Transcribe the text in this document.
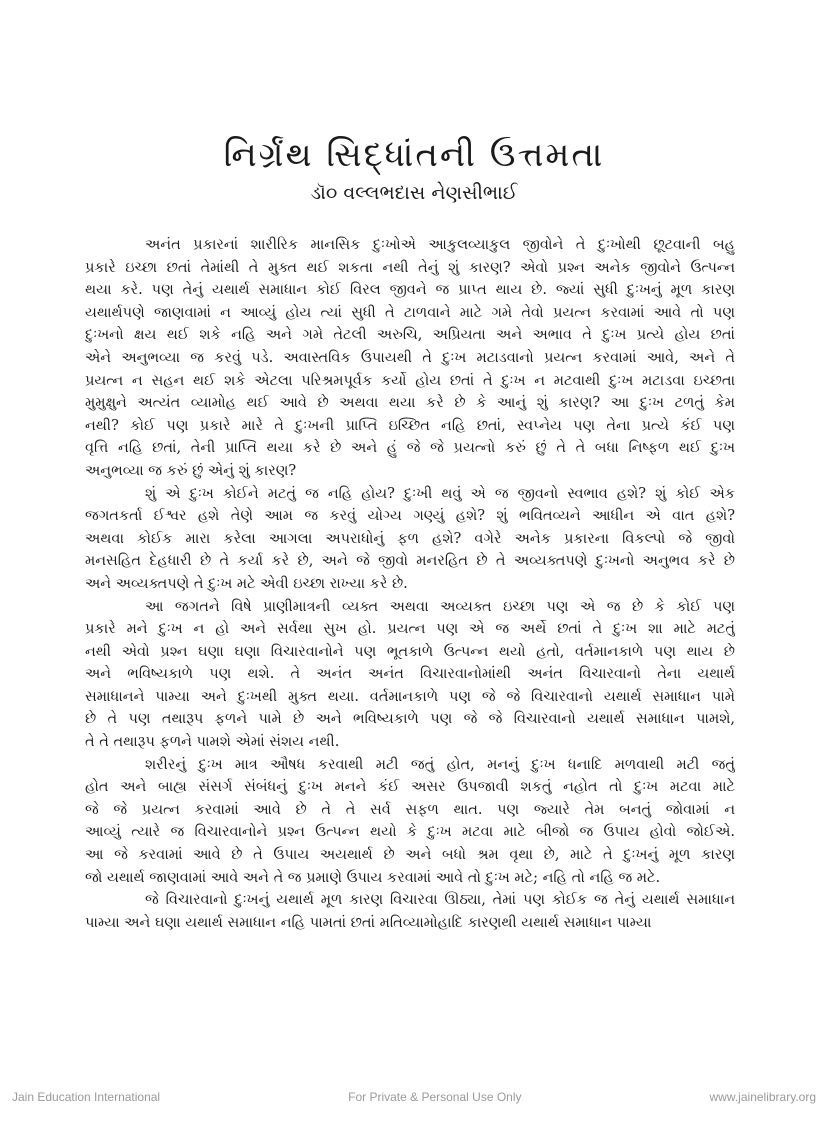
નિર્ગ્રંથ સિદ્ધાંતની ઉત્તમતા
ડૉ૦ વલ્લભદાસ નેણસીભાઈ
અનંત પ્રકારનાં શારીરિક માનસિક દુઃખોએ આકુલવ્યાકુલ જીવોને તે દુઃખોથી છૂટવાની બહુ
પ્રકારે ઇચ્છા છતાં તેમાંથી તે મુક્ત થઈ શકતા નથી તેનું શું કારણ? એવો પ્રશ્ન અનેક જીવોને ઉત્પન્ન
થયા કરે. પણ તેનું યથાર્થ સમાધાન કોઈ વિરલ જીવને જ પ્રાપ્ત થાય છે. જ્યાં સુધી દુઃખનું મૂળ કારણ
યથાર્થપણે જાણવામાં ન આવ્યું હોય ત્યાં સુધી તે ટાળવાને માટે ગમે તેવો પ્રયત્ન કરવામાં આવે તો પણ
દુઃખનો ક્ષય થઈ શકે નહિ અને ગમે તેટલી અરુચિ, અપ્રિયતા અને અભાવ તે દુઃખ પ્રત્યે હોય છતાં
એને અનુભવ્યા જ કરવું પડે. અવાસ્તવિક ઉપાયથી તે દુઃખ મટાડવાનો પ્રયત્ન કરવામાં આવે, અને તે
પ્રયત્ન ન સહન થઈ શકે એટલા પરિશ્રમપૂર્વક કર્યો હોય છતાં તે દુઃખ ન મટવાથી દુઃખ મટાડવા ઇચ્છતા
મુમુક્ષુને અત્યંત વ્યામોહ થઈ આવે છે અથવા થયા કરે છે કે આનું શું કારણ? આ દુઃખ ટળતું કેમ
નથી? કોઈ પણ પ્રકારે મારે તે દુઃખની પ્રાપ્તિ ઇચ્છિત નહિ છતાં, સ્વપ્નેય પણ તેના પ્રત્યે કંઈ પણ
વૃત્તિ નહિ છતાં, તેની પ્રાપ્તિ થયા કરે છે અને હું જે જે પ્રયત્નો કરું છું તે તે બધા નિષ્ફળ થઈ દુઃખ
અનુભવ્યા જ કરું છું એનું શું કારણ?
શું એ દુઃખ કોઈને મટતું જ નહિ હોય? દુઃખી થવું એ જ જીવનો સ્વભાવ હશે? શું કોઈ એક
જગતકર્તા ઈશ્વર હશે તેણે આમ જ કરવું યોગ્ય ગણ્યું હશે? શું ભવિતવ્યને આધીન એ વાત હશે?
અથવા કોઈક મારા કરેલા આગલા અપરાધોનું ફળ હશે? વગેરે અનેક પ્રકારના વિકલ્પો જે જીવો
મનસહિત દેહધારી છે તે કર્યા કરે છે, અને જે જીવો મનરહિત છે તે અવ્યક્તપણે દુઃખનો અનુભવ કરે છે
અને અવ્યક્તપણે તે દુઃખ મટે એવી ઇચ્છા રાખ્યા કરે છે.
આ જગતને વિષે પ્રાણીમાત્રની વ્યક્ત અથવા અવ્યક્ત ઇચ્છા પણ એ જ છે કે કોઈ પણ
પ્રકારે મને દુઃખ ન હો અને સર્વથા સુખ હો. પ્રયત્ન પણ એ જ અર્થે છતાં તે દુઃખ શા માટે મટતું
નથી એવો પ્રશ્ન ઘણા ઘણા વિચારવાનોને પણ ભૂતકાળે ઉત્પન્ન થયો હતો, વર્તમાનકાળે પણ થાય છે
અને ભવિષ્યકાળે પણ થશે. તે અનંત અનંત વિચારવાનોમાંથી અનંત વિચારવાનો તેના યથાર્થ
સમાધાનને પામ્યા અને દુઃખથી મુક્ત થયા. વર્તમાનકાળે પણ જે જે વિચારવાનો યથાર્થ સમાધાન પામે
છે તે પણ તથારૂપ ફળને પામે છે અને ભવિષ્યકાળે પણ જે જે વિચારવાનો યથાર્થ સમાધાન પામશે,
તે તે તથારૂપ ફળને પામશે એમાં સંશય નથી.
શરીરનું દુઃખ માત્ર ઔષધ કરવાથી મટી જતું હોત, મનનું દુઃખ ધનાદિ મળવાથી મટી જતું
હોત અને બાહ્ય સંસર્ગ સંબંધનું દુઃખ મનને કંઈ અસર ઉપજાવી શકતું નહોત તો દુઃખ મટવા માટે
જે જે પ્રયત્ન કરવામાં આવે છે તે તે સર્વ સફળ થાત. પણ જ્યારે તેમ બનતું જોવામાં ન
આવ્યું ત્યારે જ વિચારવાનોને પ્રશ્ન ઉત્પન્ન થયો કે દુઃખ મટવા માટે બીજો જ ઉપાય હોવો જોઈએ.
આ જે કરવામાં આવે છે તે ઉપાય અયથાર્થ છે અને બધો શ્રમ વૃથા છે, માટે તે દુઃખનું મૂળ કારણ
જો યથાર્થ જાણવામાં આવે અને તે જ પ્રમાણે ઉપાય કરવામાં આવે તો દુઃખ મટે; નહિ તો નહિ જ મટે.
જે વિચારવાનો દુઃખનું યથાર્થ મૂળ કારણ વિચારવા ઊઠ્યા, તેમાં પણ કોઈક જ તેનું યથાર્થ સમાધાન
પામ્યા અને ઘણા યથાર્થ સમાધાન નહિ પામતાં છતાં મતિવ્યામોહાદિ કારણથી યથાર્થ સમાધાન પામ્યા
Jain Education International	For Private & Personal Use Only	www.jainelibrary.org
